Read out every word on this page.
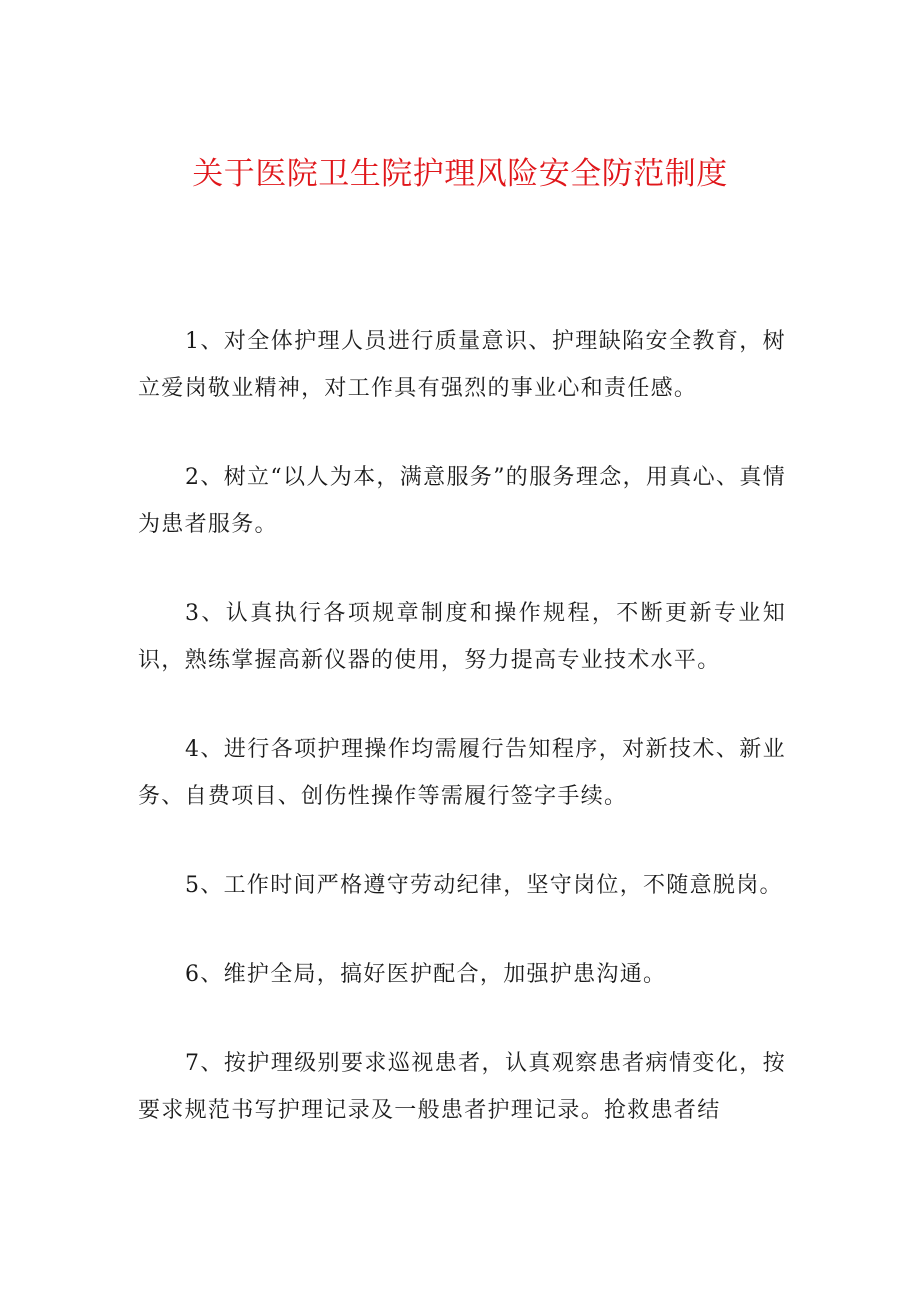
关于医院卫生院护理风险安全防范制度

1、对全体护理人员进行质量意识、护理缺陷安全教育，树立爱岗敬业精神，对工作具有强烈的事业心和责任感。

2、树立“以人为本，满意服务”的服务理念，用真心、真情为患者服务。

3、认真执行各项规章制度和操作规程，不断更新专业知识，熟练掌握高新仪器的使用，努力提高专业技术水平。

4、进行各项护理操作均需履行告知程序，对新技术、新业务、自费项目、创伤性操作等需履行签字手续。

5、工作时间严格遵守劳动纪律，坚守岗位，不随意脱岗。

6、维护全局，搞好医护配合，加强护患沟通。

7、按护理级别要求巡视患者，认真观察患者病情变化，按要求规范书写护理记录及一般患者护理记录。抢救患者结
